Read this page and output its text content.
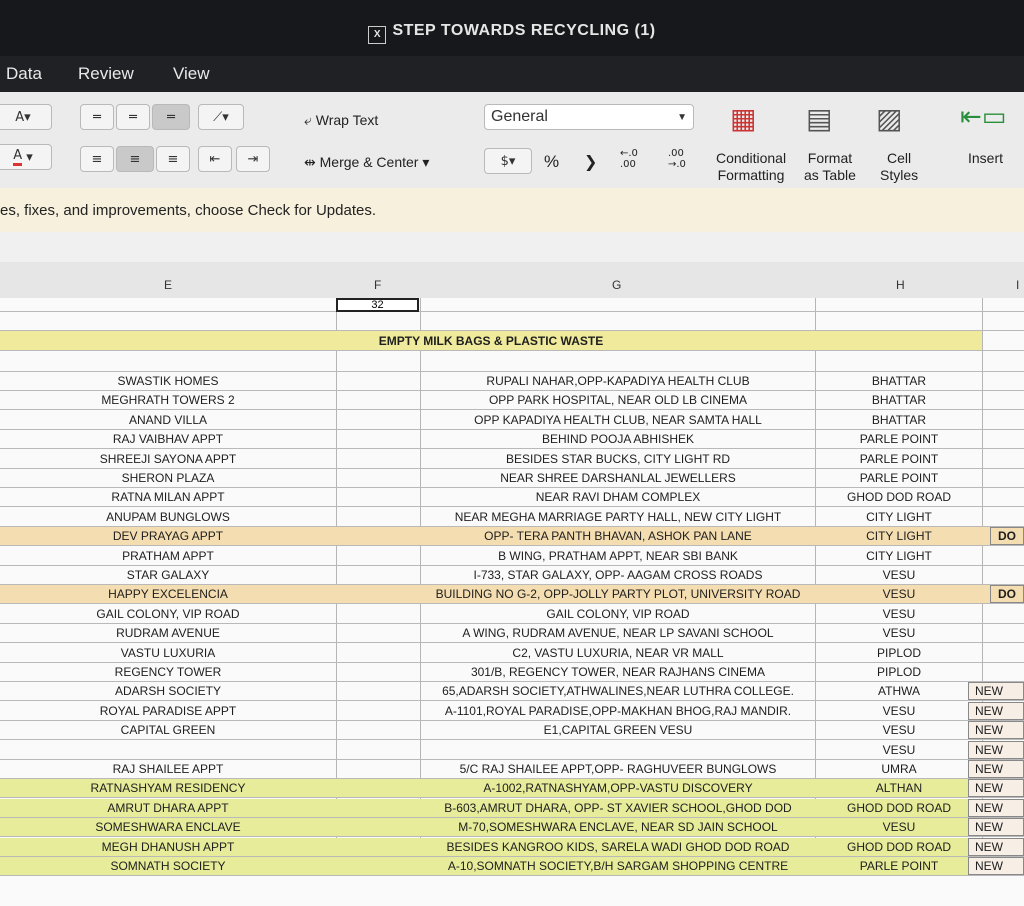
X STEP TOWARDS RECYCLING (1)
Data Review View
A▾
A ▾
═	═	═	⟋▾
≡	≡	≡	⇤	⇥
⤶ Wrap Text
⇹ Merge & Center ▾
General	▼
$▾	% ❯ ←.0
.00
.00
→.0
▦ ▤ ▨ ⇤▭
Conditional
Formatting
Format
as Table
Cell
Styles
Insert
es, fixes, and improvements, choose Check for Updates.
E	F	G	H	I
EMPTY MILK BAGS & PLASTIC WASTE
SWASTIK HOMES	RUPALI NAHAR,OPP-KAPADIYA HEALTH CLUB	BHATTAR
MEGHRATH TOWERS 2	OPP PARK HOSPITAL, NEAR OLD LB CINEMA	BHATTAR
ANAND VILLA	OPP KAPADIYA HEALTH CLUB, NEAR SAMTA HALL	BHATTAR
RAJ VAIBHAV APPT	BEHIND POOJA ABHISHEK	PARLE POINT
SHREEJI SAYONA APPT	BESIDES STAR BUCKS, CITY LIGHT RD	PARLE POINT
SHERON PLAZA	NEAR SHREE DARSHANLAL JEWELLERS	PARLE POINT
RATNA MILAN APPT	NEAR RAVI DHAM COMPLEX	GHOD DOD ROAD
ANUPAM BUNGLOWS	NEAR MEGHA MARRIAGE PARTY HALL, NEW CITY LIGHT	CITY LIGHT
DEV PRAYAG APPT	OPP- TERA PANTH BHAVAN, ASHOK PAN LANE	CITY LIGHT	DO
PRATHAM APPT	B WING, PRATHAM APPT, NEAR SBI BANK	CITY LIGHT
STAR GALAXY	I-733, STAR GALAXY, OPP- AAGAM CROSS ROADS	VESU
HAPPY EXCELENCIA	BUILDING NO G-2, OPP-JOLLY PARTY PLOT, UNIVERSITY ROAD	VESU	DO
GAIL COLONY, VIP ROAD	GAIL COLONY, VIP ROAD	VESU
RUDRAM AVENUE	A WING, RUDRAM AVENUE, NEAR LP SAVANI SCHOOL	VESU
VASTU LUXURIA	C2, VASTU LUXURIA, NEAR VR MALL	PIPLOD
REGENCY TOWER	301/B, REGENCY TOWER, NEAR RAJHANS CINEMA	PIPLOD
ADARSH SOCIETY	65,ADARSH SOCIETY,ATHWALINES,NEAR LUTHRA COLLEGE.	ATHWA	NEW
ROYAL PARADISE APPT	A-1101,ROYAL PARADISE,OPP-MAKHAN BHOG,RAJ MANDIR.	VESU	NEW
CAPITAL GREEN	E1,CAPITAL GREEN VESU	VESU	NEW
VESU	NEW
RAJ SHAILEE APPT	5/C RAJ SHAILEE APPT,OPP- RAGHUVEER BUNGLOWS	UMRA	NEW
RATNASHYAM RESIDENCY	A-1002,RATNASHYAM,OPP-VASTU DISCOVERY	ALTHAN	NEW
AMRUT DHARA APPT	B-603,AMRUT DHARA, OPP- ST XAVIER SCHOOL,GHOD DOD	GHOD DOD ROAD	NEW
SOMESHWARA ENCLAVE	M-70,SOMESHWARA ENCLAVE, NEAR SD JAIN SCHOOL	VESU	NEW
MEGH DHANUSH APPT	BESIDES KANGROO KIDS, SARELA WADI GHOD DOD ROAD	GHOD DOD ROAD	NEW
SOMNATH SOCIETY	A-10,SOMNATH SOCIETY,B/H SARGAM SHOPPING CENTRE	PARLE POINT	NEW
32
